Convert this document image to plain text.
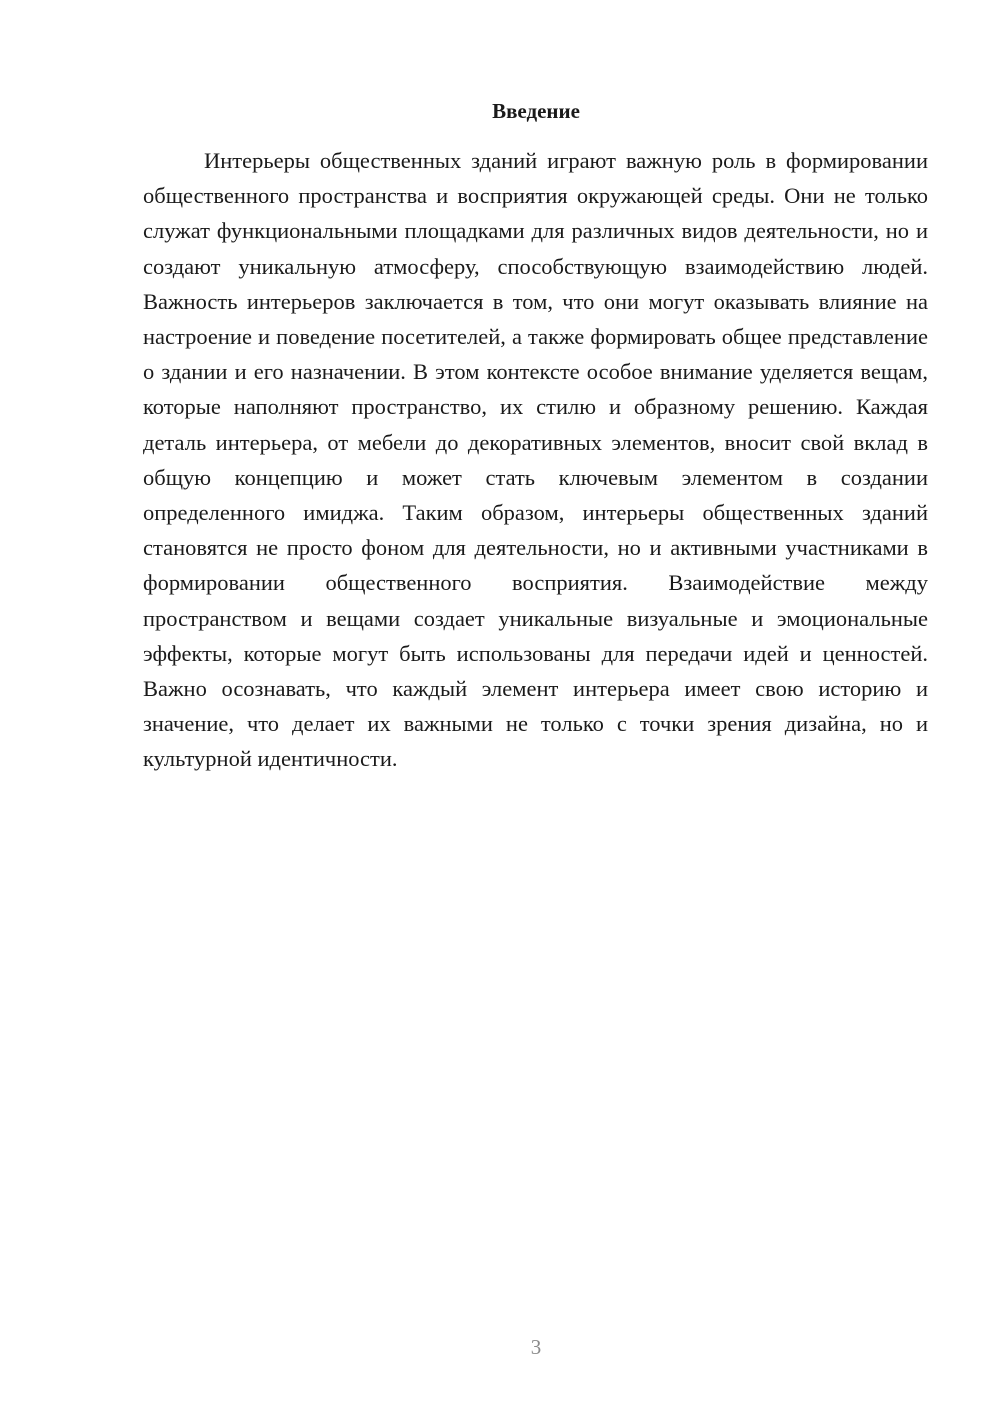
Введение

Интерьеры общественных зданий играют важную роль в формировании общественного пространства и восприятия окружающей среды. Они не только служат функциональными площадками для различных видов деятельности, но и создают уникальную атмосферу, способствующую взаимодействию людей. Важность интерьеров заключается в том, что они могут оказывать влияние на настроение и поведение посетителей, а также формировать общее представление о здании и его назначении. В этом контексте особое внимание уделяется вещам, которые наполняют пространство, их стилю и образному решению. Каждая деталь интерьера, от мебели до декоративных элементов, вносит свой вклад в общую концепцию и может стать ключевым элементом в создании определенного имиджа. Таким образом, интерьеры общественных зданий становятся не просто фоном для деятельности, но и активными участниками в формировании общественного восприятия. Взаимодействие между пространством и вещами создает уникальные визуальные и эмоциональные эффекты, которые могут быть использованы для передачи идей и ценностей. Важно осознавать, что каждый элемент интерьера имеет свою историю и значение, что делает их важными не только с точки зрения дизайна, но и культурной идентичности.

3
